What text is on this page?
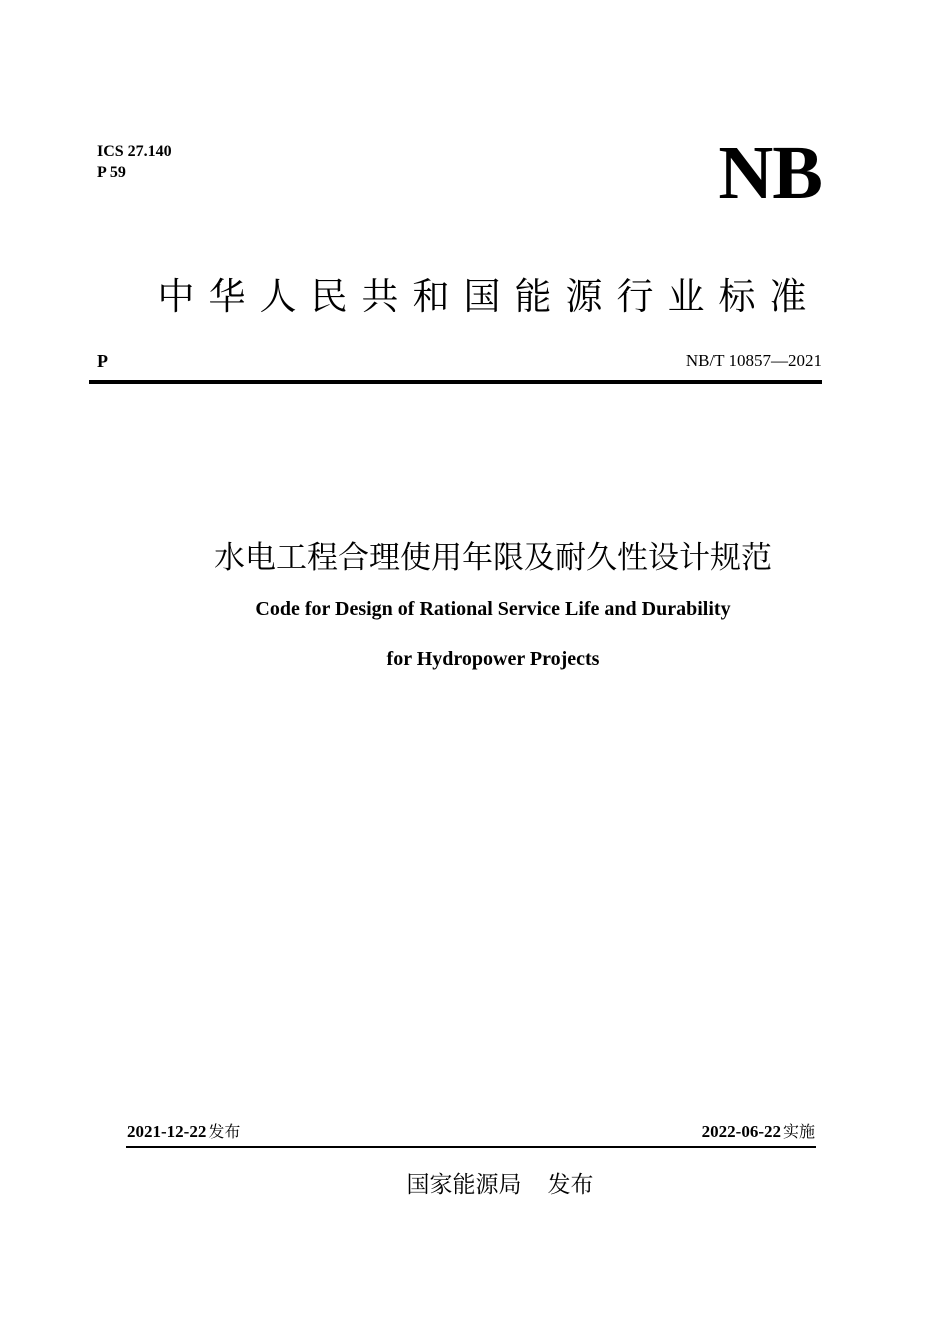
ICS 27.140
P 59	NB
中华人民共和国能源行业标准
P	NB/T 10857—2021
水电工程合理使用年限及耐久性设计规范
Code for Design of Rational Service Life and Durability
for Hydropower Projects
2021-12-22 发布	2022-06-22 实施
国家能源局 发布
